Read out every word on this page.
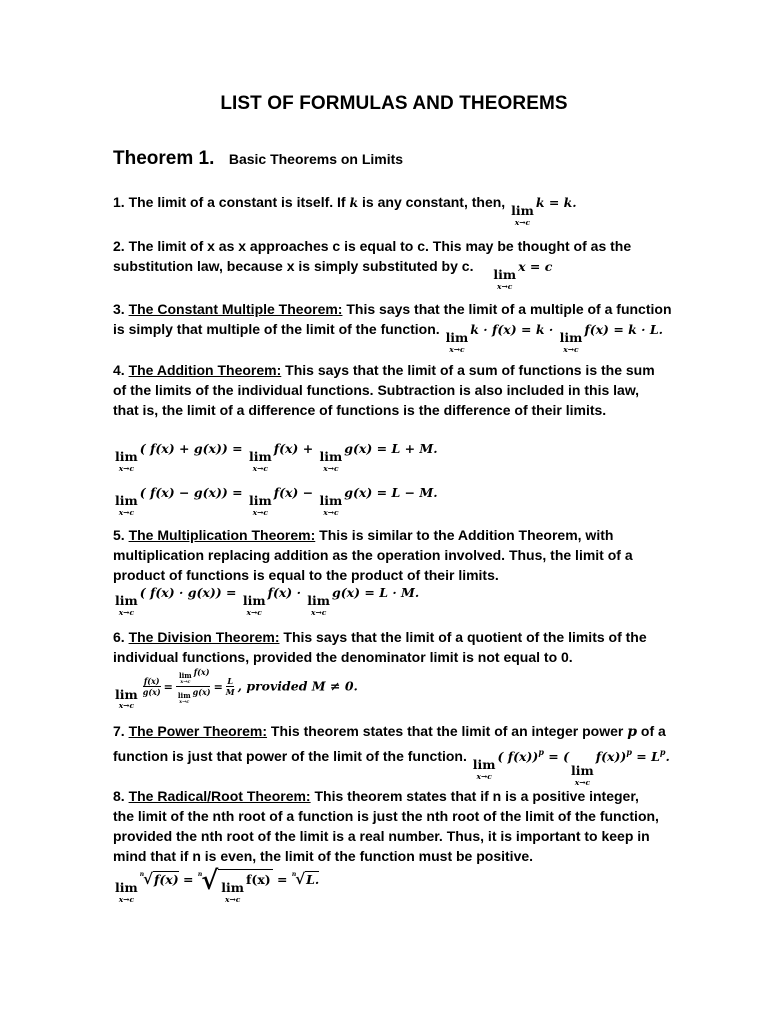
LIST OF FORMULAS AND THEOREMS
Theorem 1. Basic Theorems on Limits
1. The limit of a constant is itself. If k is any constant, then,
lim
x→c
k = k.
2. The limit of x as x approaches c is equal to c. This may be thought of as the substitution law, because x is simply substituted by c.
lim
x→c
x = c
3. The Constant Multiple Theorem: This says that the limit of a multiple of a function is simply that multiple of the limit of the function.
lim
x→c
k · f(x) = k ·
lim
x→c
f(x) = k · L.
4. The Addition Theorem: This says that the limit of a sum of functions is the sum of the limits of the individual functions. Subtraction is also included in this law, that is, the limit of a difference of functions is the difference of their limits.
lim
x→c
( f(x) + g(x)) =
lim
x→c
f(x) +
lim
x→c
g(x) = L + M.
lim
x→c
( f(x) − g(x)) =
lim
x→c
f(x) −
lim
x→c
g(x) = L − M.
5. The Multiplication Theorem: This is similar to the Addition Theorem, with multiplication replacing addition as the operation involved. Thus, the limit of a product of functions is equal to the product of their limits.
lim
x→c
( f(x) · g(x)) =
lim
x→c
f(x) ·
lim
x→c
g(x) = L · M.
6. The Division Theorem: This says that the limit of a quotient of the limits of the individual functions, provided the denominator limit is not equal to 0.
lim
x→c
$\frac{f(x)}{g(x)} = \lim$
x→c
f(x)
lim
x→c
$g(x) = \frac{L}{M}$ , provided M ≠ 0.
7. The Power Theorem: This theorem states that the limit of an integer power p of a function is just that power of the limit of the function.
lim
x→c
( f(x))$^p$ = (
lim
x→c
$f(x))^p = L^p$.
8. The Radical/Root Theorem: This theorem states that if n is a positive integer, the limit of the nth root of a function is just the nth root of the limit of the function, provided the nth root of the limit is a real number. Thus, it is important to keep in mind that if n is even, the limit of the function must be positive.
lim
x→c
$^n$√f(x) = $^n$√ lim
x→c
f(x) = $^n$√L.
